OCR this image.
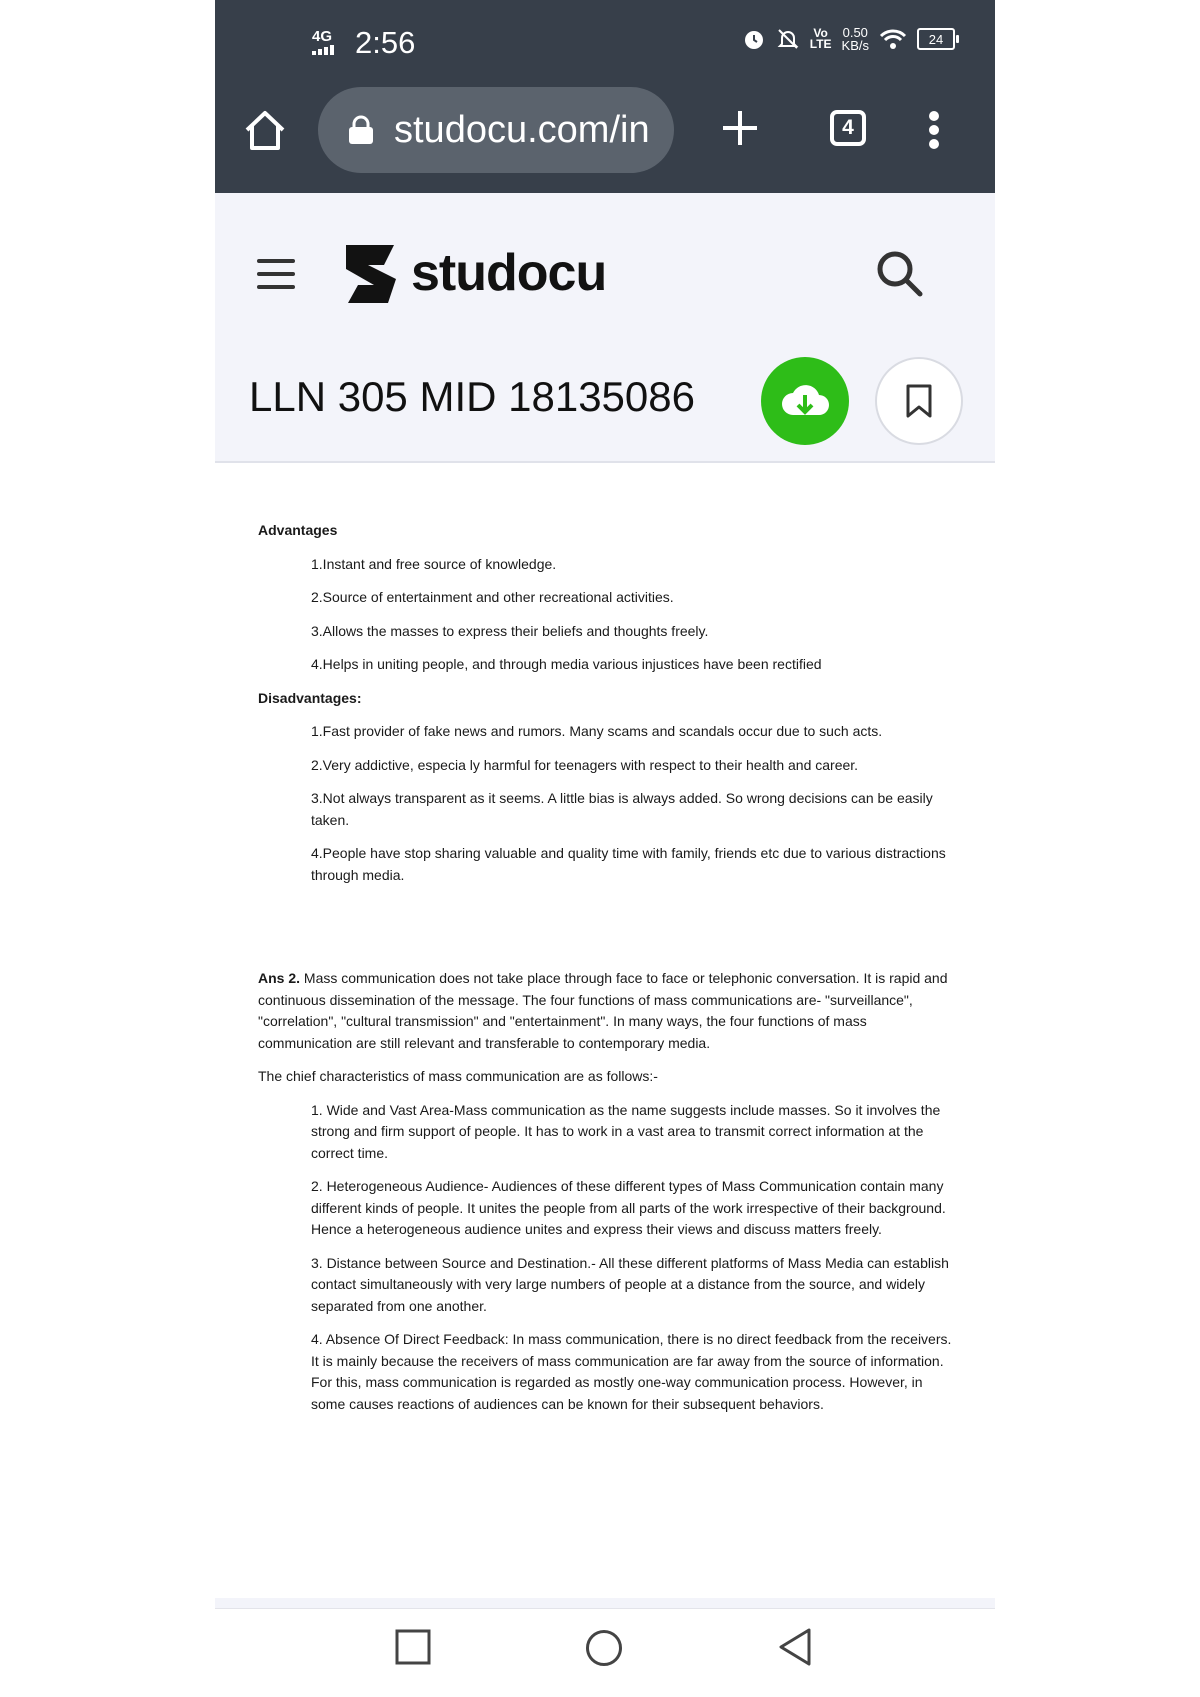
4G 2:56	Vo
LTE
0.50
KB/s	24
studocu.com/in	4
studocu
LLN 305 MID 18135086
Advantages
1.Instant and free source of knowledge.
2.Source of entertainment and other recreational activities.
3.Allows the masses to express their beliefs and thoughts freely.
4.Helps in uniting people, and through media various injustices have been rectified
Disadvantages:
1.Fast provider of fake news and rumors. Many scams and scandals occur due to such acts.
2.Very addictive, especia ly harmful for teenagers with respect to their health and career.
3.Not always transparent as it seems. A little bias is always added. So wrong decisions can be easily taken.
4.People have stop sharing valuable and quality time with family, friends etc due to various distractions through media.
Ans 2. Mass communication does not take place through face to face or telephonic conversation. It is rapid and continuous dissemination of the message. The four functions of mass communications are- "surveillance", "correlation", "cultural transmission" and "entertainment". In many ways, the four functions of mass communication are still relevant and transferable to contemporary media.
The chief characteristics of mass communication are as follows:-
1. Wide and Vast Area-Mass communication as the name suggests include masses. So it involves the strong and firm support of people. It has to work in a vast area to transmit correct information at the correct time.
2. Heterogeneous Audience- Audiences of these different types of Mass Communication contain many different kinds of people. It unites the people from all parts of the work irrespective of their background. Hence a heterogeneous audience unites and express their views and discuss matters freely.
3. Distance between Source and Destination.- All these different platforms of Mass Media can establish contact simultaneously with very large numbers of people at a distance from the source, and widely separated from one another.
4. Absence Of Direct Feedback: In mass communication, there is no direct feedback from the receivers. It is mainly because the receivers of mass communication are far away from the source of information. For this, mass communication is regarded as mostly one-way communication process. However, in some causes reactions of audiences can be known for their subsequent behaviors.
